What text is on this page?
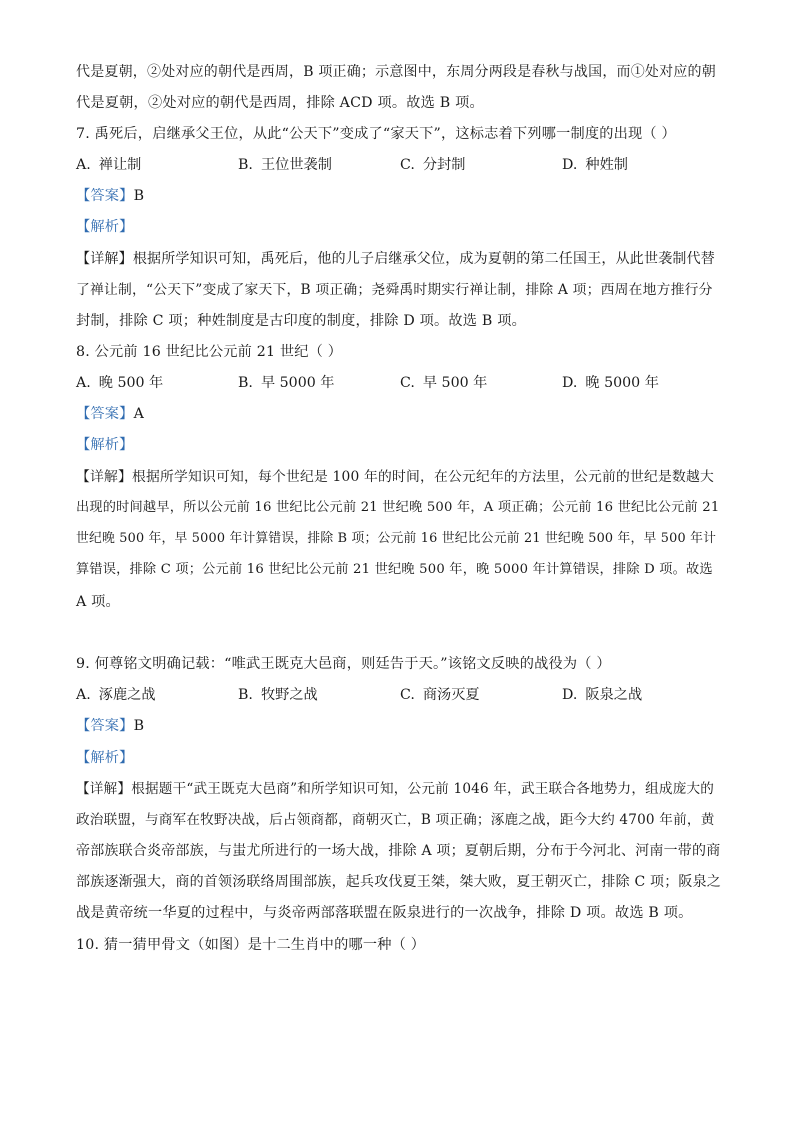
代是夏朝，②处对应的朝代是西周，B 项正确；示意图中，东周分两段是春秋与战国，而①处对应的朝
代是夏朝，②处对应的朝代是西周，排除 ACD 项。故选 B 项。
7. 禹死后，启继承父王位，从此“公天下”变成了“家天下”，这标志着下列哪一制度的出现（ ）
A. 禅让制	B. 王位世袭制	C. 分封制	D. 种姓制
【答案】B
【解析】
【详解】根据所学知识可知，禹死后，他的儿子启继承父位，成为夏朝的第二任国王，从此世袭制代替
了禅让制，“公天下”变成了家天下，B 项正确；尧舜禹时期实行禅让制，排除 A 项；西周在地方推行分
封制，排除 C 项；种姓制度是古印度的制度，排除 D 项。故选 B 项。
8. 公元前 16 世纪比公元前 21 世纪（ ）
A. 晚 500 年	B. 早 5000 年	C. 早 500 年	D. 晚 5000 年
【答案】A
【解析】
【详解】根据所学知识可知，每个世纪是 100 年的时间，在公元纪年的方法里，公元前的世纪是数越大
出现的时间越早，所以公元前 16 世纪比公元前 21 世纪晚 500 年，A 项正确；公元前 16 世纪比公元前 21
世纪晚 500 年，早 5000 年计算错误，排除 B 项；公元前 16 世纪比公元前 21 世纪晚 500 年，早 500 年计
算错误，排除 C 项；公元前 16 世纪比公元前 21 世纪晚 500 年，晚 5000 年计算错误，排除 D 项。故选
A 项。
9. 何尊铭文明确记载：“唯武王既克大邑商，则廷告于天。”该铭文反映的战役为（ ）
A. 涿鹿之战	B. 牧野之战	C. 商汤灭夏	D. 阪泉之战
【答案】B
【解析】
【详解】根据题干“武王既克大邑商”和所学知识可知，公元前 1046 年，武王联合各地势力，组成庞大的
政治联盟，与商军在牧野决战，后占领商都，商朝灭亡，B 项正确；涿鹿之战，距今大约 4700 年前，黄
帝部族联合炎帝部族，与蚩尤所进行的一场大战，排除 A 项；夏朝后期，分布于今河北、河南一带的商
部族逐渐强大，商的首领汤联络周围部族，起兵攻伐夏王桀，桀大败，夏王朝灭亡，排除 C 项；阪泉之
战是黄帝统一华夏的过程中，与炎帝两部落联盟在阪泉进行的一次战争，排除 D 项。故选 B 项。
10. 猜一猜甲骨文（如图）是十二生肖中的哪一种（ ）
